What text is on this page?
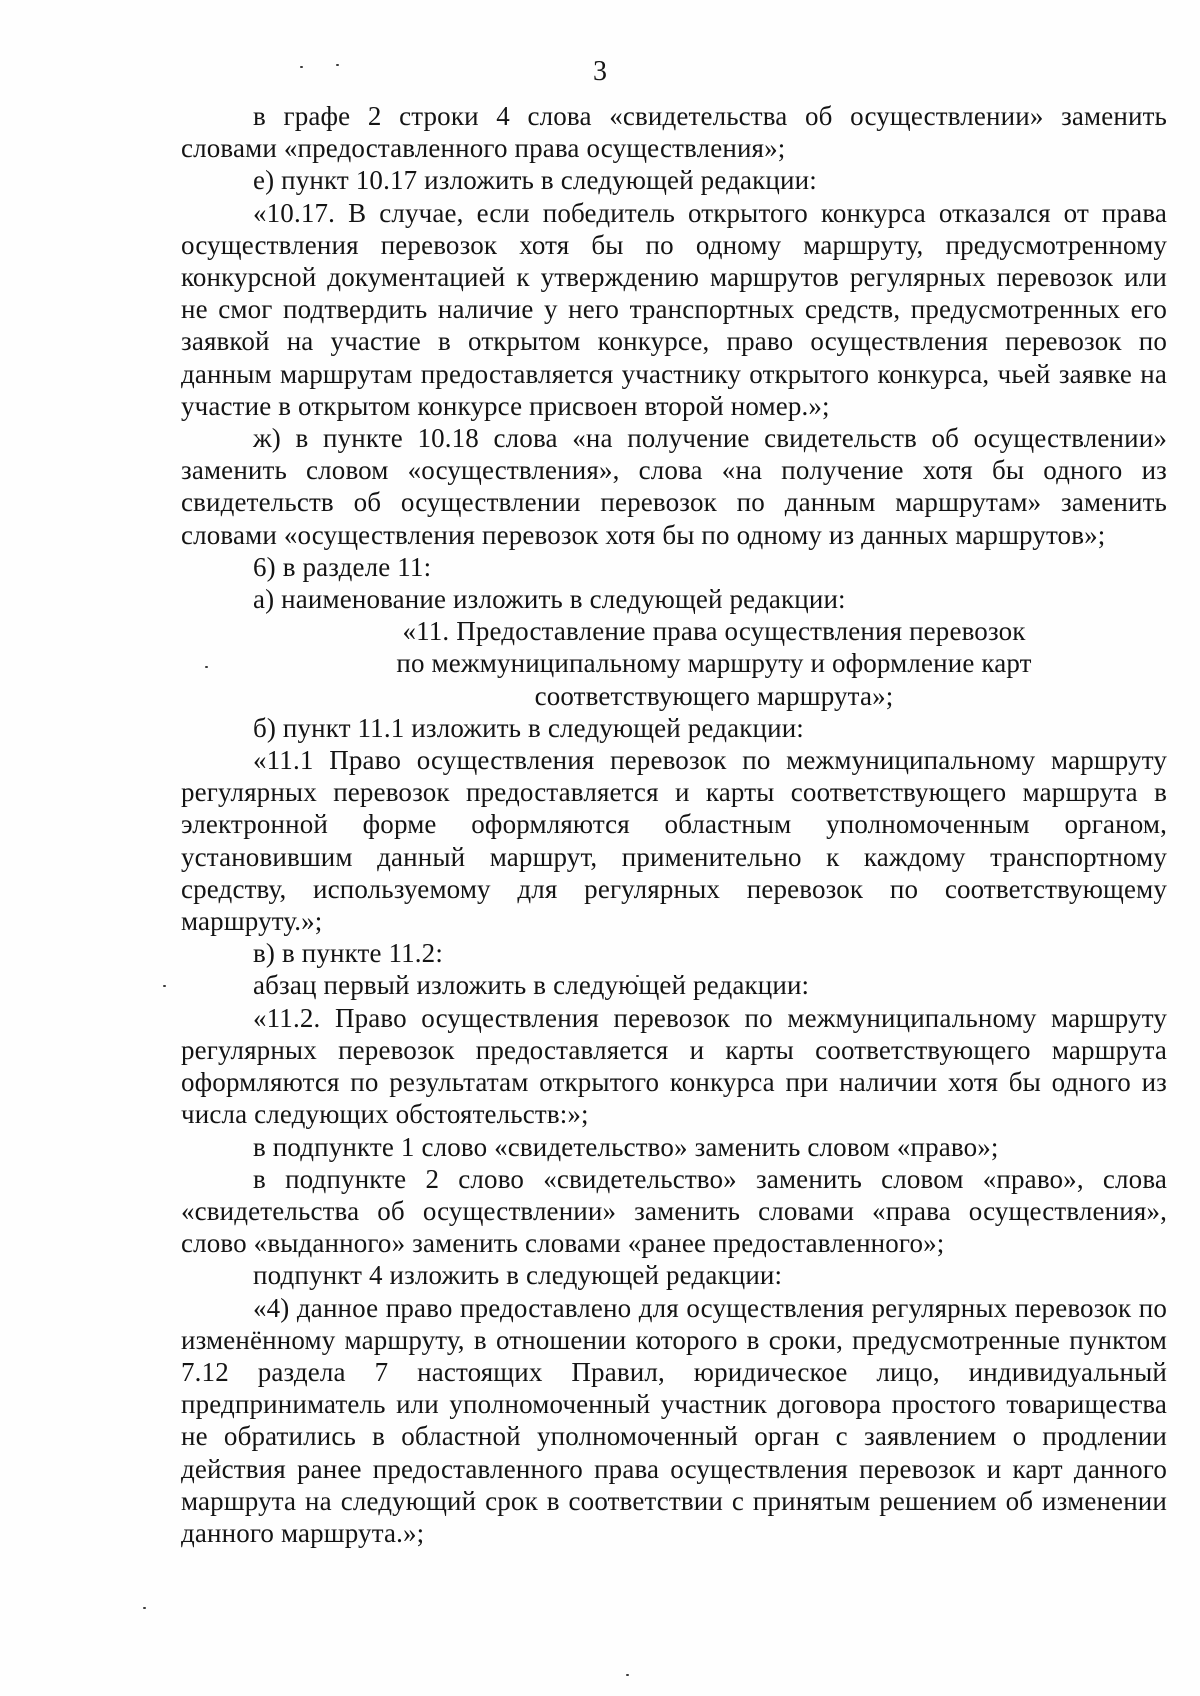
3

в графе 2 строки 4 слова «свидетельства об осуществлении» заменить словами «предоставленного права осуществления»;

е) пункт 10.17 изложить в следующей редакции:

«10.17. В случае, если победитель открытого конкурса отказался от права осуществления перевозок хотя бы по одному маршруту, предусмотренному конкурсной документацией к утверждению маршрутов регулярных перевозок или не смог подтвердить наличие у него транспортных средств, предусмотренных его заявкой на участие в открытом конкурсе, право осуществления перевозок по данным маршрутам предоставляется участнику открытого конкурса, чьей заявке на участие в открытом конкурсе присвоен второй номер.»;

ж) в пункте 10.18 слова «на получение свидетельств об осуществлении» заменить словом «осуществления», слова «на получение хотя бы одного из свидетельств об осуществлении перевозок по данным маршрутам» заменить словами «осуществления перевозок хотя бы по одному из данных маршрутов»;

6) в разделе 11:

а) наименование изложить в следующей редакции:

«11. Предоставление права осуществления перевозок
по межмуниципальному маршруту и оформление карт
соответствующего маршрута»;

б) пункт 11.1 изложить в следующей редакции:

«11.1 Право осуществления перевозок по межмуниципальному маршруту регулярных перевозок предоставляется и карты соответствующего маршрута в электронной форме оформляются областным уполномоченным органом, установившим данный маршрут, применительно к каждому транспортному средству, используемому для регулярных перевозок по соответствующему маршруту.»;

в) в пункте 11.2:

абзац первый изложить в следующей редакции:

«11.2. Право осуществления перевозок по межмуниципальному маршруту регулярных перевозок предоставляется и карты соответствующего маршрута оформляются по результатам открытого конкурса при наличии хотя бы одного из числа следующих обстоятельств:»;

в подпункте 1 слово «свидетельство» заменить словом «право»;

в подпункте 2 слово «свидетельство» заменить словом «право», слова «свидетельства об осуществлении» заменить словами «права осуществления», слово «выданного» заменить словами «ранее предоставленного»;

подпункт 4 изложить в следующей редакции:

«4) данное право предоставлено для осуществления регулярных перевозок по изменённому маршруту, в отношении которого в сроки, предусмотренные пунктом 7.12 раздела 7 настоящих Правил, юридическое лицо, индивидуальный предприниматель или уполномоченный участник договора простого товарищества не обратились в областной уполномоченный орган с заявлением о продлении действия ранее предоставленного права осуществления перевозок и карт данного маршрута на следующий срок в соответствии с принятым решением об изменении данного маршрута.»;
